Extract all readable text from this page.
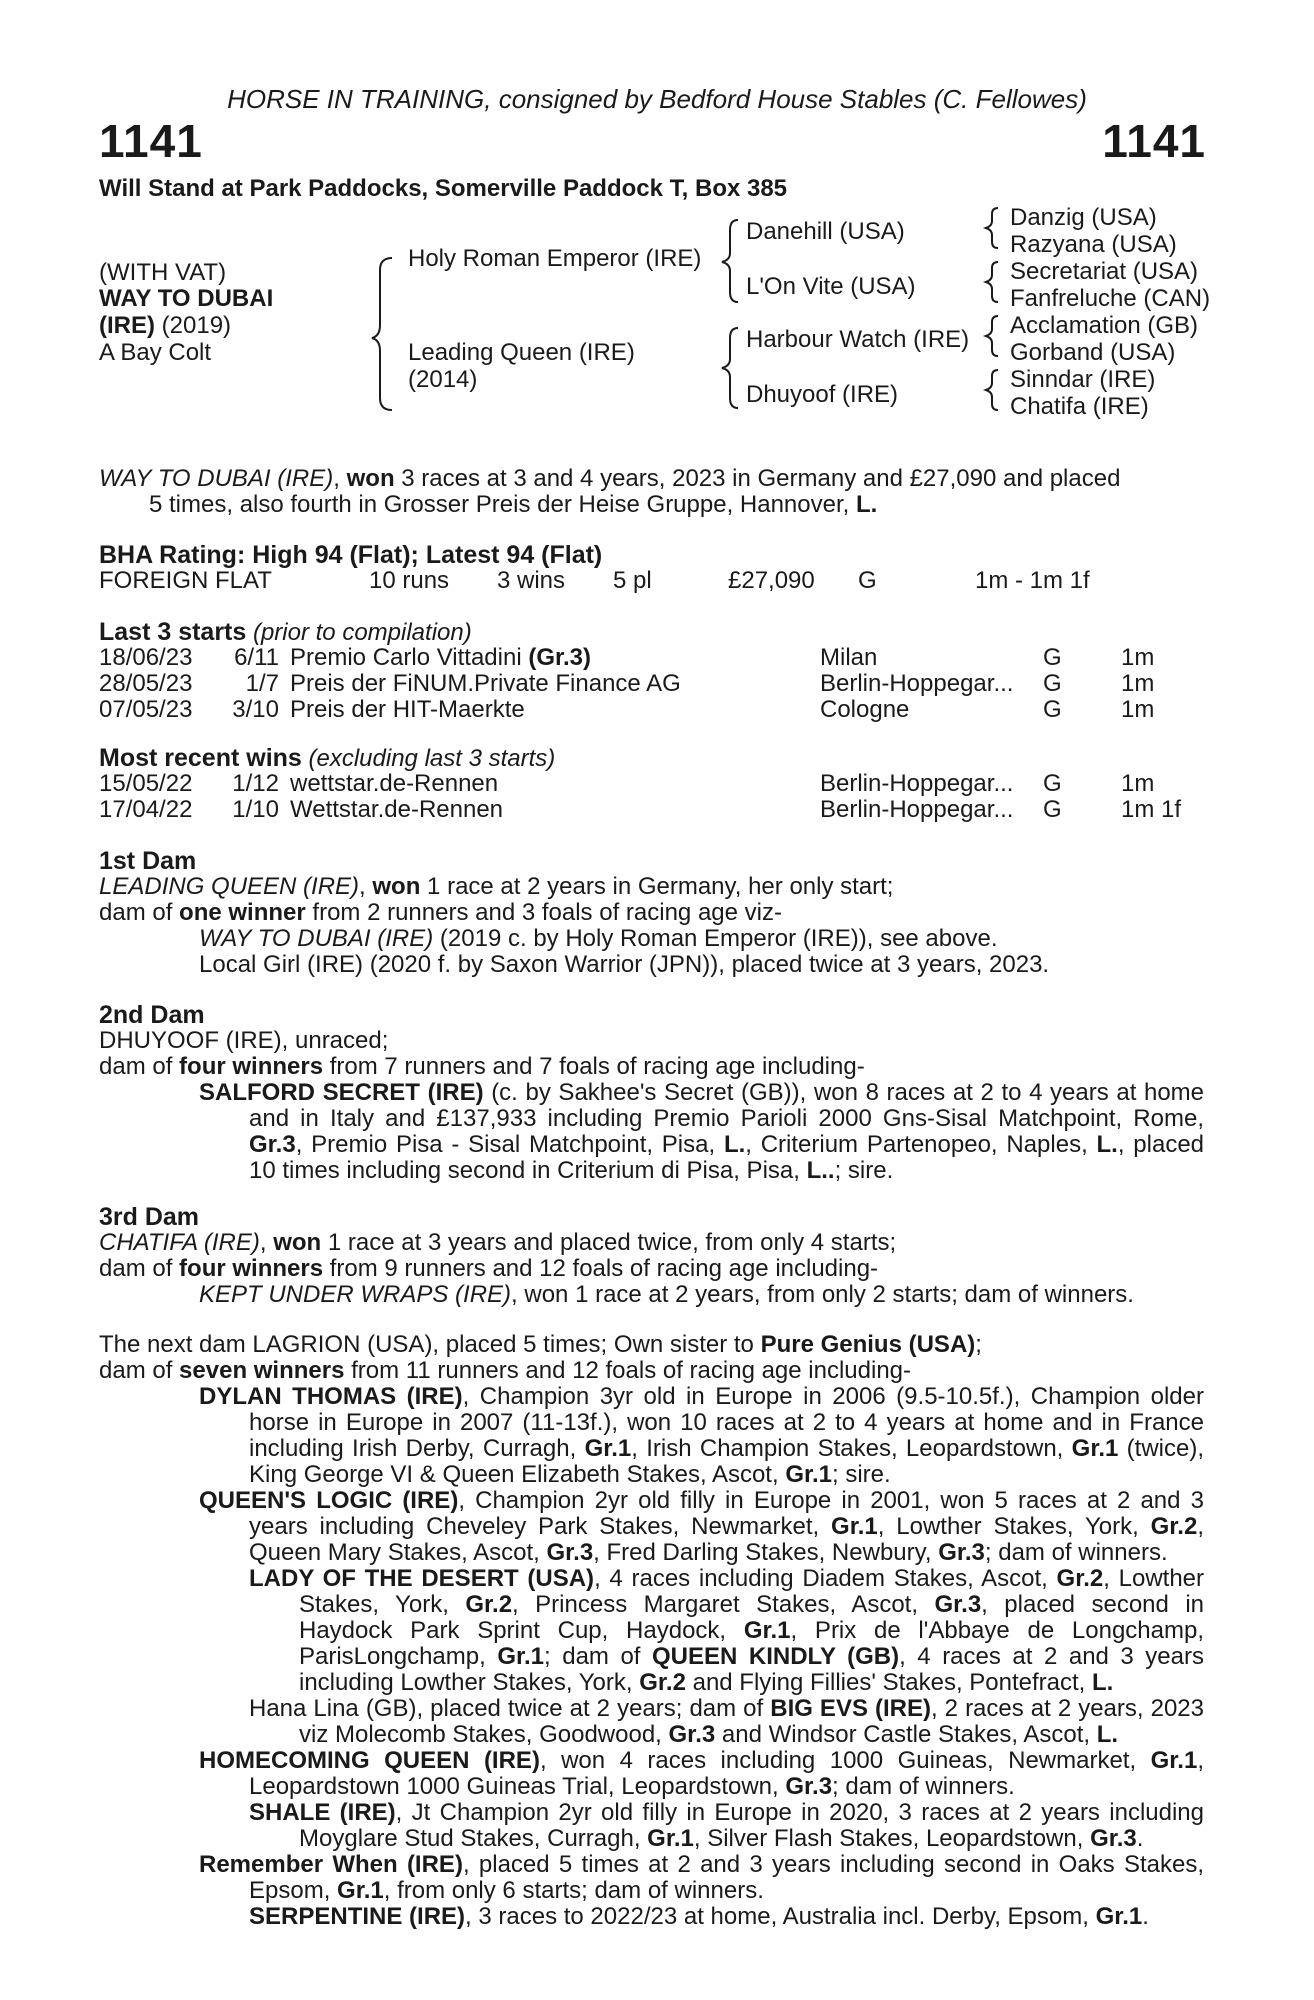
HORSE IN TRAINING, consigned by Bedford House Stables (C. Fellowes)
1141	1141
Will Stand at Park Paddocks, Somerville Paddock T, Box 385
(WITH VAT)
WAY TO DUBAI
(IRE) (2019)
A Bay Colt
Holy Roman Emperor (IRE)
Leading Queen (IRE)
(2014)
Danehill (USA)
L'On Vite (USA)
Harbour Watch (IRE)
Dhuyoof (IRE)
Danzig (USA)
Razyana (USA)
Secretariat (USA)
Fanfreluche (CAN)
Acclamation (GB)
Gorband (USA)
Sinndar (IRE)
Chatifa (IRE)
WAY TO DUBAI (IRE), won 3 races at 3 and 4 years, 2023 in Germany and £27,090 and placed
5 times, also fourth in Grosser Preis der Heise Gruppe, Hannover, L.
BHA Rating: High 94 (Flat); Latest 94 (Flat)
FOREIGN FLAT	10 runs 3 wins 5 pl	£27,090 G	1m - 1m 1f
Last 3 starts (prior to compilation)
18/06/23 6/11 Premio Carlo Vittadini (Gr.3)	Milan	G 1m
28/05/23 1/7 Preis der FiNUM.Private Finance AG	Berlin-Hoppegar... G 1m
07/05/23 3/10 Preis der HIT-Maerkte	Cologne	G 1m
Most recent wins (excluding last 3 starts)
15/05/22 1/12 wettstar.de-Rennen	Berlin-Hoppegar... G 1m
17/04/22 1/10 Wettstar.de-Rennen	Berlin-Hoppegar... G 1m 1f
1st Dam
LEADING QUEEN (IRE), won 1 race at 2 years in Germany, her only start;
dam of one winner from 2 runners and 3 foals of racing age viz-
WAY TO DUBAI (IRE) (2019 c. by Holy Roman Emperor (IRE)), see above.
Local Girl (IRE) (2020 f. by Saxon Warrior (JPN)), placed twice at 3 years, 2023.
2nd Dam
DHUYOOF (IRE), unraced;
dam of four winners from 7 runners and 7 foals of racing age including-
SALFORD SECRET (IRE) (c. by Sakhee's Secret (GB)), won 8 races at 2 to 4 years at home and in Italy and £137,933 including Premio Parioli 2000 Gns-Sisal Matchpoint, Rome, Gr.3, Premio Pisa - Sisal Matchpoint, Pisa, L., Criterium Partenopeo, Naples, L., placed 10 times including second in Criterium di Pisa, Pisa, L..; sire.
3rd Dam
CHATIFA (IRE), won 1 race at 3 years and placed twice, from only 4 starts;
dam of four winners from 9 runners and 12 foals of racing age including-
KEPT UNDER WRAPS (IRE), won 1 race at 2 years, from only 2 starts; dam of winners.
The next dam LAGRION (USA), placed 5 times; Own sister to Pure Genius (USA);
dam of seven winners from 11 runners and 12 foals of racing age including-
DYLAN THOMAS (IRE), Champion 3yr old in Europe in 2006 (9.5-10.5f.), Champion older horse in Europe in 2007 (11-13f.), won 10 races at 2 to 4 years at home and in France including Irish Derby, Curragh, Gr.1, Irish Champion Stakes, Leopardstown, Gr.1 (twice), King George VI & Queen Elizabeth Stakes, Ascot, Gr.1; sire.
QUEEN'S LOGIC (IRE), Champion 2yr old filly in Europe in 2001, won 5 races at 2 and 3 years including Cheveley Park Stakes, Newmarket, Gr.1, Lowther Stakes, York, Gr.2, Queen Mary Stakes, Ascot, Gr.3, Fred Darling Stakes, Newbury, Gr.3; dam of winners.
LADY OF THE DESERT (USA), 4 races including Diadem Stakes, Ascot, Gr.2, Lowther Stakes, York, Gr.2, Princess Margaret Stakes, Ascot, Gr.3, placed second in Haydock Park Sprint Cup, Haydock, Gr.1, Prix de l'Abbaye de Longchamp, ParisLongchamp, Gr.1; dam of QUEEN KINDLY (GB), 4 races at 2 and 3 years including Lowther Stakes, York, Gr.2 and Flying Fillies' Stakes, Pontefract, L.
Hana Lina (GB), placed twice at 2 years; dam of BIG EVS (IRE), 2 races at 2 years, 2023 viz Molecomb Stakes, Goodwood, Gr.3 and Windsor Castle Stakes, Ascot, L.
HOMECOMING QUEEN (IRE), won 4 races including 1000 Guineas, Newmarket, Gr.1, Leopardstown 1000 Guineas Trial, Leopardstown, Gr.3; dam of winners.
SHALE (IRE), Jt Champion 2yr old filly in Europe in 2020, 3 races at 2 years including Moyglare Stud Stakes, Curragh, Gr.1, Silver Flash Stakes, Leopardstown, Gr.3.
Remember When (IRE), placed 5 times at 2 and 3 years including second in Oaks Stakes, Epsom, Gr.1, from only 6 starts; dam of winners.
SERPENTINE (IRE), 3 races to 2022/23 at home, Australia incl. Derby, Epsom, Gr.1.
